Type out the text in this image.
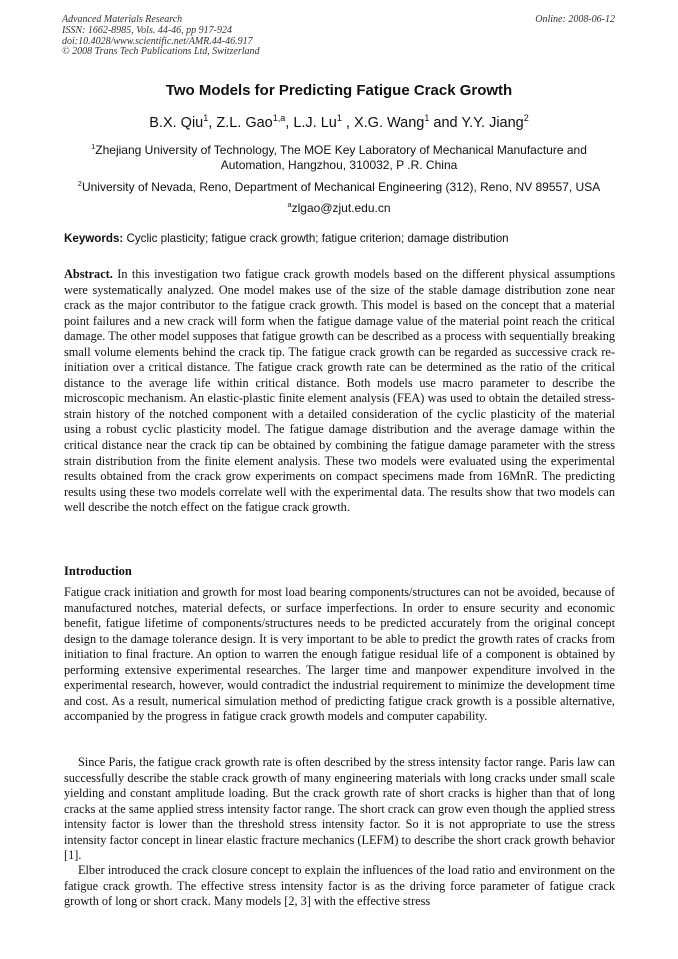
Advanced Materials Research
ISSN: 1662-8985, Vols. 44-46, pp 917-924
doi:10.4028/www.scientific.net/AMR.44-46.917
© 2008 Trans Tech Publications Ltd, Switzerland
Online: 2008-06-12
Two Models for Predicting Fatigue Crack Growth
B.X. Qiu$^1$, Z.L. Gao$^{1,a}$, L.J. Lu$^1$ , X.G. Wang$^1$ and Y.Y. Jiang$^2$
$^1$Zhejiang University of Technology, The MOE Key Laboratory of Mechanical Manufacture and
Automation, Hangzhou, 310032, P .R. China
$^2$University of Nevada, Reno, Department of Mechanical Engineering (312), Reno, NV 89557, USA
$^a$zlgao@zjut.edu.cn
Keywords: Cyclic plasticity; fatigue crack growth; fatigue criterion; damage distribution
Abstract. In this investigation two fatigue crack growth models based on the different physical assumptions were systematically analyzed. One model makes use of the size of the stable damage distribution zone near crack as the major contributor to the fatigue crack growth. This model is based on the concept that a material point failures and a new crack will form when the fatigue damage value of the material point reach the critical damage. The other model supposes that fatigue growth can be described as a process with sequentially breaking small volume elements behind the crack tip. The fatigue crack growth can be regarded as successive crack re-initiation over a critical distance. The fatigue crack growth rate can be determined as the ratio of the critical distance to the average life within critical distance. Both models use macro parameter to describe the microscopic mechanism. An elastic-plastic finite element analysis (FEA) was used to obtain the detailed stress-strain history of the notched component with a detailed consideration of the cyclic plasticity of the material using a robust cyclic plasticity model. The fatigue damage distribution and the average damage within the critical distance near the crack tip can be obtained by combining the fatigue damage parameter with the stress strain distribution from the finite element analysis. These two models were evaluated using the experimental results obtained from the crack grow experiments on compact specimens made from 16MnR. The predicting results using these two models correlate well with the experimental data. The results show that two models can well describe the notch effect on the fatigue crack growth.
Introduction
Fatigue crack initiation and growth for most load bearing components/structures can not be avoided, because of manufactured notches, material defects, or surface imperfections. In order to ensure security and economic benefit, fatigue lifetime of components/structures needs to be predicted accurately from the original concept design to the damage tolerance design. It is very important to be able to predict the growth rates of cracks from initiation to final fracture. An option to warren the enough fatigue residual life of a component is obtained by performing extensive experimental researches. The larger time and manpower expenditure involved in the experimental research, however, would contradict the industrial requirement to minimize the development time and cost. As a result, numerical simulation method of predicting fatigue crack growth is a possible alternative, accompanied by the progress in fatigue crack growth models and computer capability.
Since Paris, the fatigue crack growth rate is often described by the stress intensity factor range. Paris law can successfully describe the stable crack growth of many engineering materials with long cracks under small scale yielding and constant amplitude loading. But the crack growth rate of short cracks is higher than that of long cracks at the same applied stress intensity factor range. The short crack can grow even though the applied stress intensity factor is lower than the threshold stress intensity factor. So it is not appropriate to use the stress intensity factor concept in linear elastic fracture mechanics (LEFM) to describe the short crack growth behavior [1].
Elber introduced the crack closure concept to explain the influences of the load ratio and environment on the fatigue crack growth. The effective stress intensity factor is as the driving force parameter of fatigue crack growth of long or short crack. Many models [2, 3] with the effective stress
